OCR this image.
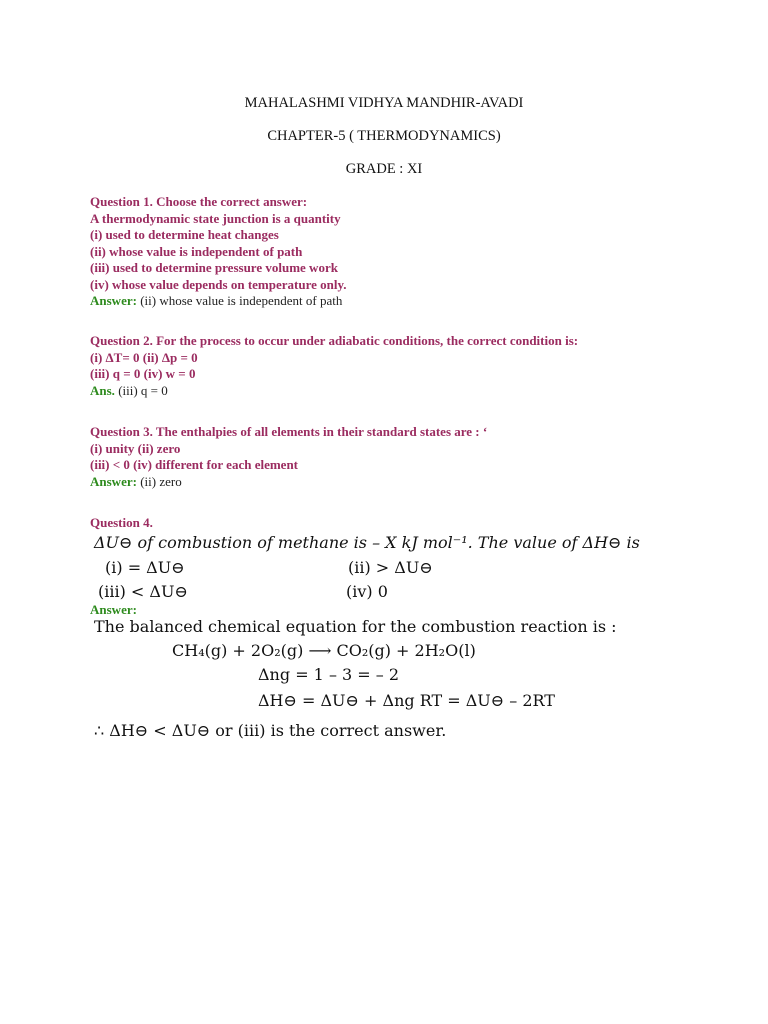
MAHALASHMI VIDHYA MANDHIR-AVADI
CHAPTER-5 ( THERMODYNAMICS)
GRADE : XI
Question 1. Choose the correct answer:
A thermodynamic state junction is a quantity
(i) used to determine heat changes
(ii) whose value is independent of path
(iii) used to determine pressure volume work
(iv) whose value depends on temperature only.
Answer: (ii) whose value is independent of path
Question 2. For the process to occur under adiabatic conditions, the correct condition is:
(i) ΔT= 0 (ii) Δp = 0
(iii) q = 0 (iv) w = 0
Ans. (iii) q = 0
Question 3. The enthalpies of all elements in their standard states are : ‘
(i) unity (ii) zero
(iii) < 0 (iv) different for each element
Answer: (ii) zero
Question 4.
ΔU⊖ of combustion of methane is – X kJ mol⁻¹. The value of ΔH⊖ is
(i) = ΔU⊖	(ii) > ΔU⊖
(iii) < ΔU⊖	(iv) 0
Answer:
The balanced chemical equation for the combustion reaction is :
CH₄(g) + 2O₂(g) ⟶ CO₂(g) + 2H₂O(l)
Δng = 1 – 3 = – 2
ΔH⊖ = ΔU⊖ + Δng RT = ΔU⊖ – 2RT
∴ ΔH⊖ < ΔU⊖ or (iii) is the correct answer.
